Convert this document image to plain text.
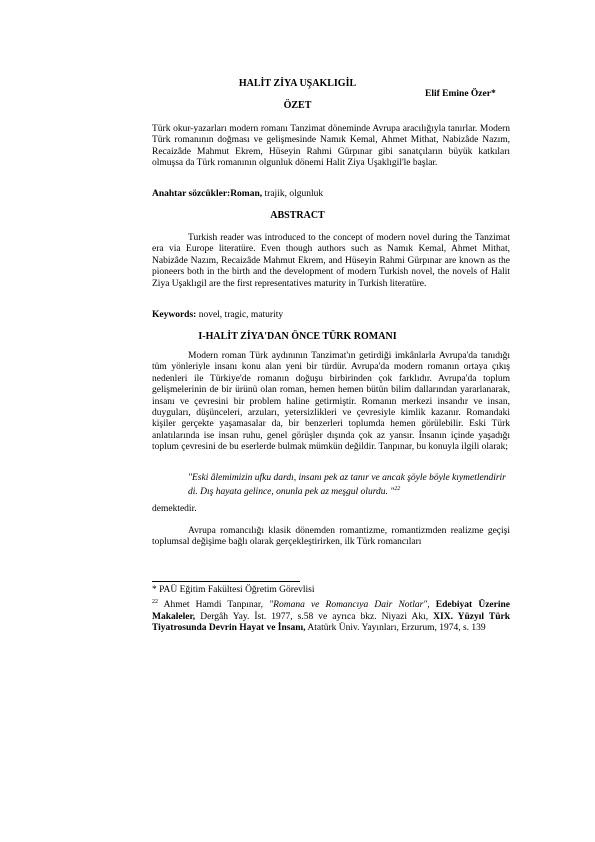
HALİT ZİYA UŞAKLIGİL
Elif Emine Özer*
ÖZET

Türk okur-yazarları modern romanı Tanzimat döneminde Avrupa aracılığıyla tanırlar. Modern Türk romanının doğması ve gelişmesinde Namık Kemal, Ahmet Mithat, Nabizâde Nazım, Recaizâde Mahmut Ekrem, Hüseyin Rahmi Gürpınar gibi sanatçıların büyük katkıları olmuşsa da Türk romanının olgunluk dönemi Halit Ziya Uşaklıgil'le başlar.

Anahtar sözcükler:Roman, trajik, olgunluk
ABSTRACT

Turkish reader was introduced to the concept of modern novel during the Tanzimat era via Europe literatüre. Even though authors such as Namık Kemal, Ahmet Mithat, Nabizâde Nazım, Recaizâde Mahmut Ekrem, and Hüseyin Rahmi Gürpınar are known as the pioneers both in the birth and the development of modern Turkish novel, the novels of Halit Ziya Uşaklıgil are the first representatives maturity in Turkish literatüre.

Keywords: novel, tragic, maturity
I-HALİT ZİYA'DAN ÖNCE TÜRK ROMANI

Modern roman Türk aydınının Tanzimat'ın getirdiği imkânlarla Avrupa'da tanıdığı tüm yönleriyle insanı konu alan yeni bir türdür. Avrupa'da modern romanın ortaya çıkış nedenleri ile Türkiye'de romanın doğuşu birbirinden çok farklıdır. Avrupa'da toplum gelişmelerinin de bir ürünü olan roman, hemen hemen bütün bilim dallarından yararlanarak, insanı ve çevresini bir problem haline getirmiştir. Romanın merkezi insandır ve insan, duyguları, düşünceleri, arzuları, yetersizlikleri ve çevresiyle kimlik kazanır. Romandaki kişiler gerçekte yaşamasalar da, bir benzerleri toplumda hemen görülebilir. Eski Türk anlatılarında ise insan ruhu, genel görüşler dışında çok az yansır. İnsanın içinde yaşadığı toplum çevresini de bu eserlerde bulmak mümkün değildir. Tanpınar, bu konuyla ilgili olarak;

"Eski âlemimizin ufku dardı, insanı pek az tanır ve ancak şöyle böyle kıymetlendirir di. Dış hayata gelince, onunla pek az meşgul olurdu. "$^{22}$

demektedir.

Avrupa romancılığı klasik dönemden romantizme, romantizmden realizme geçişi toplumsal değişime bağlı olarak gerçekleştirirken, ilk Türk romancıları

* PAÜ Eğitim Fakültesi Öğretim Görevlisi

$^{22}$ Ahmet Hamdi Tanpınar, "Romana ve Romancıya Dair Notlar", Edebiyat Üzerine Makaleler, Dergâh Yay. İst. 1977, s.58 ve ayrıca bkz. Niyazi Akı, XIX. Yüzyıl Türk Tiyatrosunda Devrin Hayat ve İnsanı, Atatürk Üniv. Yayınları, Erzurum, 1974, s. 139
